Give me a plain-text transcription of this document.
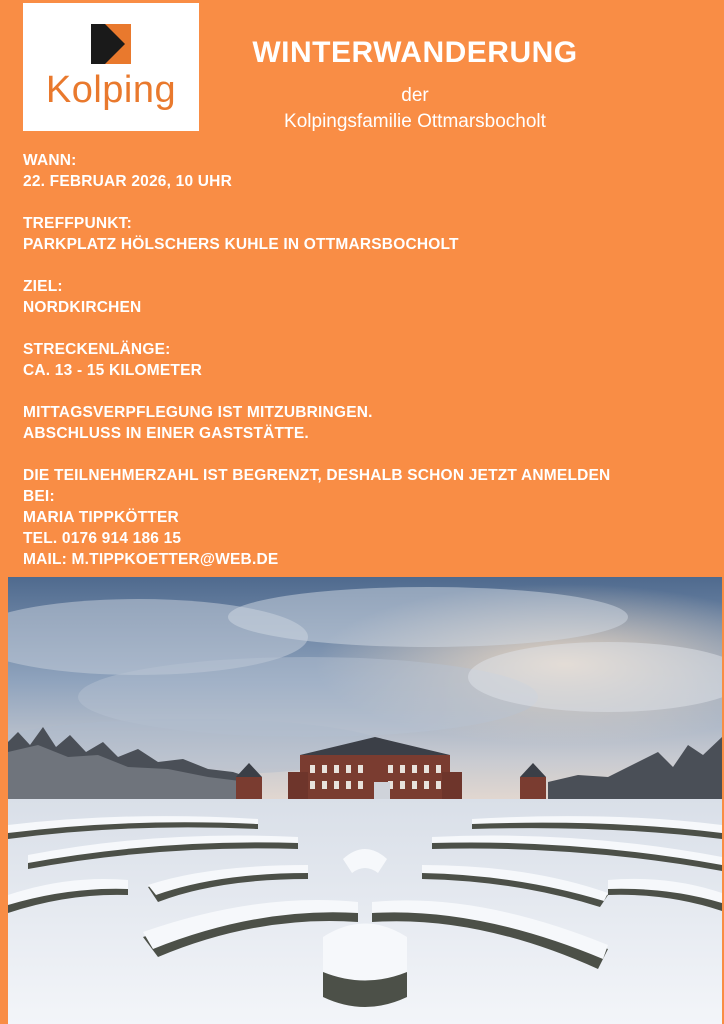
Kolping
WINTERWANDERUNG
der
Kolpingsfamilie Ottmarsbocholt
WANN:
22. FEBRUAR 2026, 10 UHR
TREFFPUNKT:
PARKPLATZ HÖLSCHERS KUHLE IN OTTMARSBOCHOLT
ZIEL:
NORDKIRCHEN
STRECKENLÄNGE:
CA. 13 - 15 KILOMETER
MITTAGSVERPFLEGUNG IST MITZUBRINGEN.
ABSCHLUSS IN EINER GASTSTÄTTE.
DIE TEILNEHMERZAHL IST BEGRENZT, DESHALB SCHON JETZT ANMELDEN
BEI:
MARIA TIPPKÖTTER
TEL. 0176 914 186 15
MAIL: M.TIPPKOETTER@WEB.DE
